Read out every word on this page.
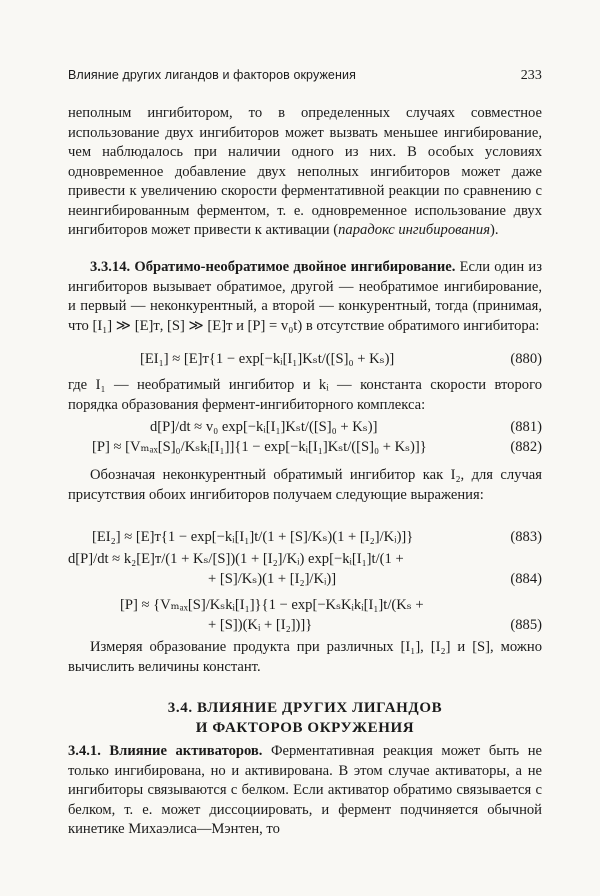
Влияние других лигандов и факторов окружения	233

неполным ингибитором, то в определенных случаях совместное использование двух ингибиторов может вызвать меньшее ингибирование, чем наблюдалось при наличии одного из них. В особых условиях одновременное добавление двух неполных ингибиторов может даже привести к увеличению скорости ферментативной реакции по сравнению с неингибированным ферментом, т. е. одновременное использование двух ингибиторов может привести к активации (парадокс ингибирования).

3.3.14. Обратимо-необратимое двойное ингибирование. Если один из ингибиторов вызывает обратимое, другой — необратимое ингибирование, и первый — неконкурентный, а второй — конкурентный, тогда (принимая, что [I₁] ≫ [E]ᴛ, [S] ≫ [E]ᴛ и [P] = v₀t) в отсутствие обратимого ингибитора:

[EI₁] ≈ [E]ᴛ{1 − exp[−kᵢ[I₁]Kₛt/([S]₀ + Kₛ)]	(880)

где I₁ — необратимый ингибитор и kᵢ — константа скорости второго порядка образования фермент-ингибиторного комплекса:

d[P]/dt ≈ v₀ exp[−kᵢ[I₁]Kₛt/([S]₀ + Kₛ)]	(881)
[P] ≈ [Vₘₐₓ[S]₀/Kₛkᵢ[I₁]]{1 − exp[−kᵢ[I₁]Kₛt/([S]₀ + Kₛ)]}	(882)

Обозначая неконкурентный обратимый ингибитор как I₂, для случая присутствия обоих ингибиторов получаем следующие выражения:

[EI₂] ≈ [E]ᴛ{1 − exp[−kᵢ[I₁]t/(1 + [S]/Kₛ)(1 + [I₂]/Kᵢ)]}	(883)
d[P]/dt ≈ k₂[E]ᴛ/(1 + Kₛ/[S])(1 + [I₂]/Kᵢ) exp[−kᵢ[I₁]t/(1 +
+ [S]/Kₛ)(1 + [I₂]/Kᵢ)]	(884)
[P] ≈ {Vₘₐₓ[S]/Kₛkᵢ[I₁]}{1 − exp[−KₛKᵢkᵢ[I₁]t/(Kₛ +
+ [S])(Kᵢ + [I₂])]}	(885)

Измеряя образование продукта при различных [I₁], [I₂] и [S], можно вычислить величины констант.

3.4. ВЛИЯНИЕ ДРУГИХ ЛИГАНДОВ
И ФАКТОРОВ ОКРУЖЕНИЯ

3.4.1. Влияние активаторов. Ферментативная реакция может быть не только ингибирована, но и активирована. В этом случае активаторы, а не ингибиторы связываются с белком. Если активатор обратимо связывается с белком, т. е. может диссоциировать, и фермент подчиняется обычной кинетике Михаэлиса—Мэнтен, то
